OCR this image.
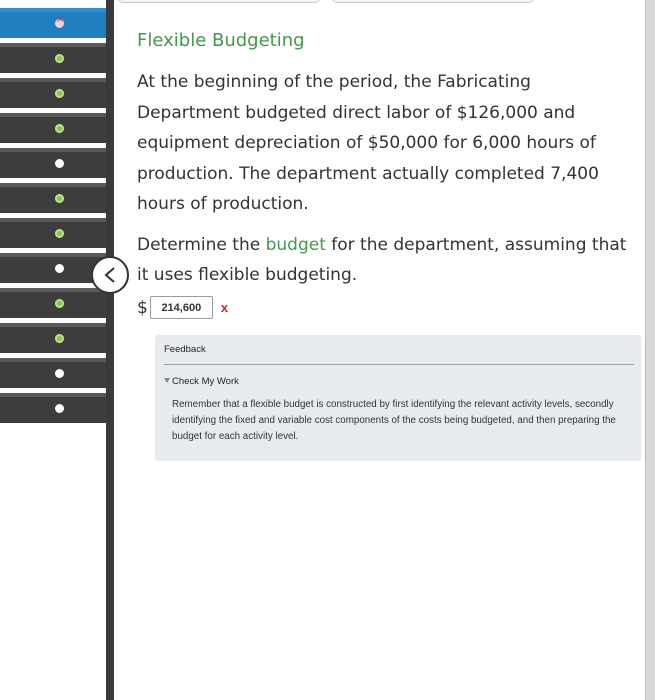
×
Flexible Budgeting

At the beginning of the period, the Fabricating Department budgeted direct labor of $126,000 and equipment depreciation of $50,000 for 6,000 hours of production. The department actually completed 7,400 hours of production.

Determine the budget for the department, assuming that it uses flexible budgeting.

$	214,600	x
Feedback
Check My Work
Remember that a flexible budget is constructed by first identifying the relevant activity levels, secondly identifying the fixed and variable cost components of the costs being budgeted, and then preparing the budget for each activity level.
